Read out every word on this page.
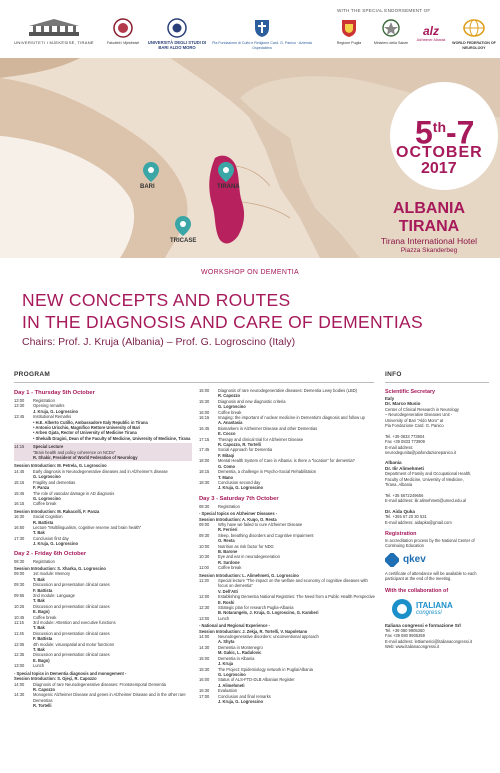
UNIVERSITETI I MJEKËSISË, TIRANË	Fakulteti i Mjekësisë	UNIVERSITÀ DEGLI STUDI DI BARI ALDO MORO
Pia Fondazione di Culto e Religione Card. G. Panico · Azienda Ospedaliera
WITH THE SPECIAL ENDORSEMENT OF
Regione Puglia	Ministero della Salute
alz
Alzheimer Albania
WORLD FEDERATION OF NEUROLOGY
BARI	TIRANA
TRICASE
5th-7
OCTOBER
2017
ALBANIA
TIRANA
Tirana International Hotel
Piazza Skanderbeg
WORKSHOP ON DEMENTIA
NEW CONCEPTS AND ROUTES
IN THE DIAGNOSIS AND CARE OF DEMENTIAS
Chairs: Prof. J. Kruja (Albania) – Prof. G. Logroscino (Italy)
PROGRAM	INFO
Day 1 - Thursday 5th October
13:00	Registration
13:30	Opening remarks
J. Kruja, G. Logroscino
13:45	Institutional Remarks
• H.E. Alberto Cutillo, Ambassadore Italy Republic in Tirana
• Antonio Uricchio, Magnifico Rettore University of Bari
• Arben Gjata, Rector of University of Medicine Tirana
• Shekalb Dragini, Dean of the Faculty of Medicine, University of Medicine, Tirana
14:15	Special Lecture
"Brain health and policy coherence on NCDs"
R. Shakir, President of World Federation of Neurology
Session Introduction: M. Petrela, G. Logroscino
14:45	Early diagnosis in Neurodegenerative diseases and in Alzheimer's disease
G. Logroscino
15:15	Fragility and dementias
F. Panza
15:45	The role of vascular damage in AD diagnosis
G. Logroscino
16:15	Coffee break
Session Introduction: M. Rakacolli, F. Panza
16:30	Social Cognition
R. Battista
16:50	Lecture "Multilingualism, cognitive reserve and brain health"
T. Bak
17:30	Conclusion first day
J. Kruja, G. Logroscino
Day 2 - Friday 6th October
08:30	Registration
Session Introduction: S. Xharka, G. Logroscino
09:00	1st module: Memory
T. Bak
09:30	Discussion and presentation clinical cases
F. Battista
09:55	2nd module: Language
T. Bak
10:25	Discussion and presentation clinical cases
E. Bago)
10:45	Coffee break
11:15	3rd module: Attention and executive functions
T. Bak
11:45	Discussion and presentation clinical cases
F. Battista
12:05	4th module: visuospatial and motor functions
T. Bak
12:35	Discussion and presentation clinical cases
E. Bago)
13:00	Lunch
- Special topics in Dementia diagnosis and monogement -
Session Introduction: S. Gjeçi, R. Capozzo
14:00	Diagnosis of rare Neurodegenerative diseases: Frontotemporal Dementia
R. Capozzo
14:30	Monogenic Alzheimer Disease and genes in Alzheimer Disease and in the other rare Dementias
R. Tortelli
15:00	Diagnosis of rare neurodegenerative diseases: Dementia Lewy bodies (LBD)
R. Capozzo
15:30	Diagnosis and new diagnostic criteria
G. Logroscino
16:00	Coffee break
16:15	Imaging: the important of nuclear medicine in Dementia's diagnosis and follow up
A. Anastasia
16:45	Biomarkers in Alzheimer Disease and other Dementias
E. Cocco
17:15	Therapy and clinical trial for Alzheimer Disease
R. Capozzo, R. Tortelli
17:45	Social Approach for Dementia
F. Mitaqi
18:00	Mental Health System of Care in Albania: is there a "location" for dementia?
G. Como
18:15	Dementia, a challenge in Psycho-Social Rehabilitation
T. Mano
18:30	Conclusion second day
J. Kruja, G. Logroscino
Day 3 - Saturday 7th October
08:30	Registration
- Special topics on Alzheimer Diseases -
Session Introduction: A. Kuqo, O. Resta
09:00	Why have we failed to cure Alzheimer Disease
R. Ferrieri
09:30	Sleep, breathing disorders and Cognitive Impairment
O. Resta
10:00	Nutrition as risk factor for NDG
B. Barone
10:30	Eye and ear in neurodegeneration
R. Sardone
11:00	Coffee break
Session Introduction: L. Alimehmeti, G. Logroscino
11:30	Special lecture "The impact on the welfare and economy of cognitive diseases with focus on dementia"
V. Dell'Atti
12:00	Establishing Dementia National Registries: The Need from a Public Health Perspective
E. Roshi
12:30	Strategic plan for research Puglia-Albania
B. Notarangelo, J. Kruja, G. Logroscino, G. Kamberi
13:00	Lunch
- National and Regional Experience -
Session Introduction: J. Zekja, R. Tortelli, V. Napoletano
14:00	Neurodegenerative disorders: unconventional approach
A. Shyta
14:30	Dementia in Montenegro
M. Gakic, L. Radulovic
15:00	Dementia in Albania
J. Kruja
15:30	The Project: Epidemiology network in Puglia/Albania
G. Logroscino
16:00	Status of ALS-FTD-DLB Albanian Register
J. Alimehmeti
16:30	Evaluation
17:00	Conclusion and final remarks
J. Kruja, G. Logroscino
Scientific Secretary
Italy
Dr. Marco Musio
Center of Clinical Research in Neurology
– Neurodegenerative Diseases Unit -
University of Bari "Aldo Moro" at
Pia Fondazione Card. G. Panico

Tel. +39 0833 773904
Fax +39 0833 773909
E-mail address:
neurodegunita@piafondazionepanico.it
Albania
Dr. Ilir Alimehmeti
Department of Family and Occupational Health,
Faculty of Medicine, University of Medicine,
Tirana, Albania

Tel. +35 5672249656
E-mail address: ilir.alimehmeti@umed.edu.al
Dr. Aida Quka
Tel. +355 67 20 30 531
E-mail address: aidapka@gmail.com
Registration
In accreditation process by the National Center of Continuing Education
qkev
A certificate of attendance will be available to each participant at the end of the meeting.
With the collaboration of
ITALIANA
congressi
Italiana congressi e formazione Srl
Tel. +39 080 9905360
Fax +39 080 9905359
E-mail address: lettiamerici@italianacongressi.it
Web: www.italianacongressi.it
